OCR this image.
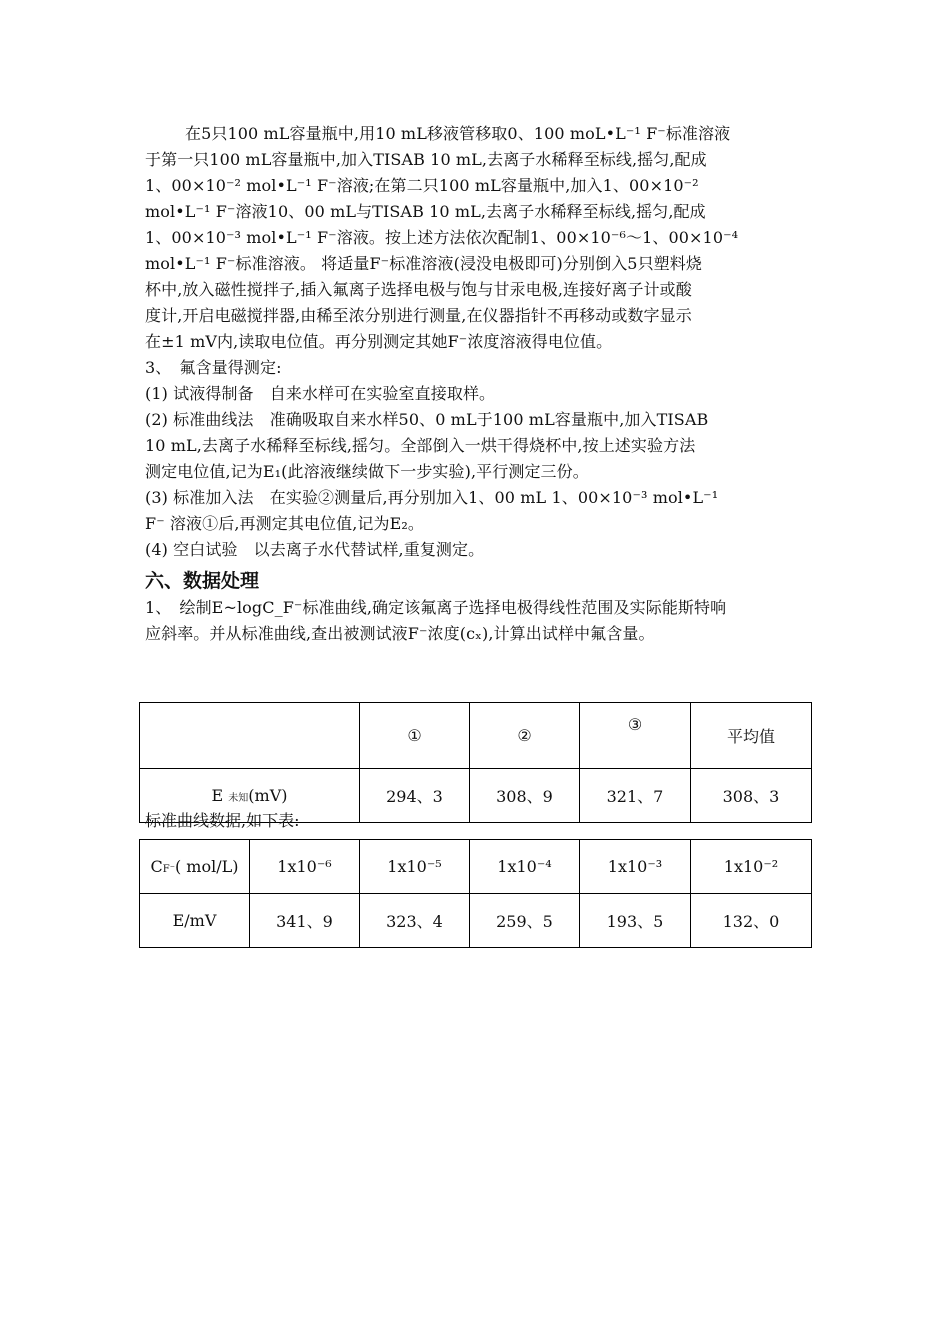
在5只100 mL容量瓶中,用10 mL移液管移取0、100 moL•L⁻¹ F⁻标准溶液

于第一只100 mL容量瓶中,加入TISAB 10 mL,去离子水稀释至标线,摇匀,配成

1、00×10⁻² mol•L⁻¹ F⁻溶液;在第二只100 mL容量瓶中,加入1、00×10⁻²

mol•L⁻¹ F⁻溶液10、00 mL与TISAB 10 mL,去离子水稀释至标线,摇匀,配成

1、00×10⁻³ mol•L⁻¹ F⁻溶液。按上述方法依次配制1、00×10⁻⁶～1、00×10⁻⁴

mol•L⁻¹ F⁻标准溶液。 将适量F⁻标准溶液(浸没电极即可)分别倒入5只塑料烧

杯中,放入磁性搅拌子,插入氟离子选择电极与饱与甘汞电极,连接好离子计或酸

度计,开启电磁搅拌器,由稀至浓分别进行测量,在仪器指针不再移动或数字显示

在±1 mV内,读取电位值。再分别测定其她F⁻浓度溶液得电位值。

3、　氟含量得测定:

(1) 试液得制备　自来水样可在实验室直接取样。

(2) 标准曲线法　准确吸取自来水样50、0 mL于100 mL容量瓶中,加入TISAB

10 mL,去离子水稀释至标线,摇匀。全部倒入一烘干得烧杯中,按上述实验方法

测定电位值,记为E₁(此溶液继续做下一步实验),平行测定三份。

(3) 标准加入法　在实验②测量后,再分别加入1、00 mL 1、00×10⁻³ mol•L⁻¹

F⁻ 溶液①后,再测定其电位值,记为E₂。

(4) 空白试验　以去离子水代替试样,重复测定。

六、数据处理

1、　绘制E~logC_F⁻标准曲线,确定该氟离子选择电极得线性范围及实际能斯特响

应斜率。并从标准曲线,查出被测试液F⁻浓度(cₓ),计算出试样中氟含量。

	①	②	③	平均值
E 未知(mV)	294、3	308、9	321、7	308、3

标准曲线数据,如下表:

CF⁻( mol/L)	1x10⁻⁶	1x10⁻⁵	1x10⁻⁴	1x10⁻³	1x10⁻²
E/mV	341、9	323、4	259、5	193、5	132、0
